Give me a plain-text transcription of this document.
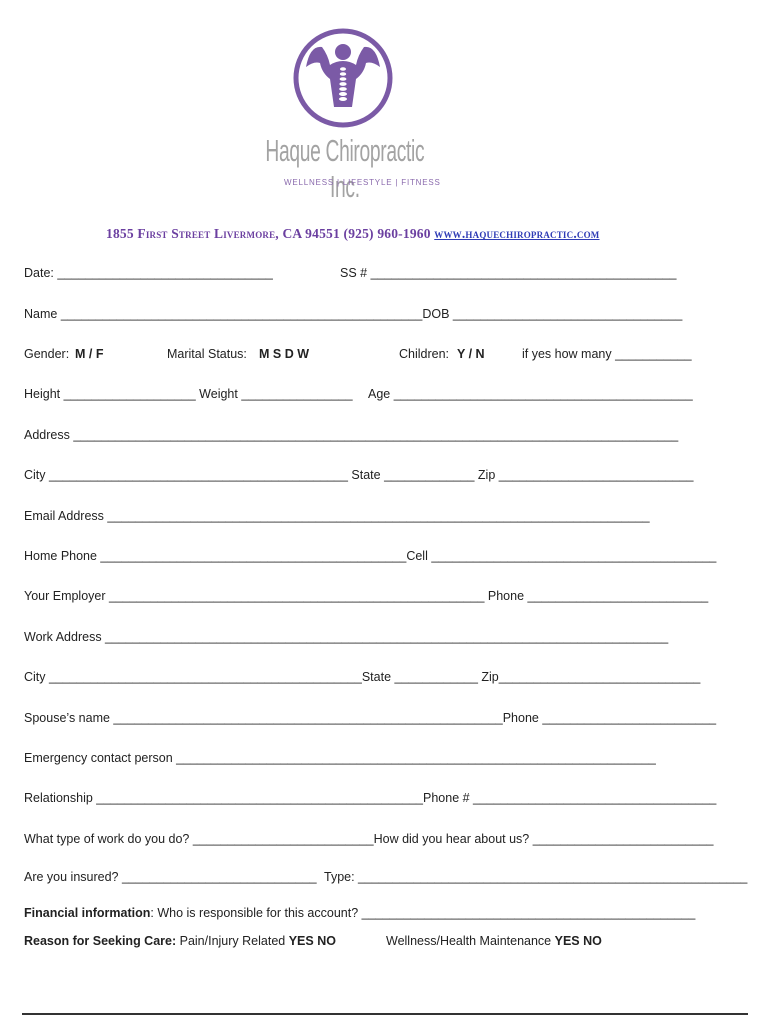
Haque Chiropractic Inc.
WELLNESS | LIFESTYLE | FITNESS
1855 First Street Livermore, CA 94551 (925) 960-1960 www.haquechiropractic.com
Date: _______________________________	SS # ____________________________________________
Name ____________________________________________________DOB _________________________________
Gender: M / F	Marital Status: M S D W	Children: Y / N	if yes how many ___________
Height ___________________ Weight ________________ Age ___________________________________________
Address _______________________________________________________________________________________
City ___________________________________________ State _____________ Zip ____________________________
Email Address ______________________________________________________________________________
Home Phone ____________________________________________Cell _________________________________________
Your Employer ______________________________________________________ Phone __________________________
Work Address _________________________________________________________________________________
City _____________________________________________State ____________ Zip_____________________________
Spouse’s name ________________________________________________________Phone _________________________
Emergency contact person _____________________________________________________________________
Relationship _______________________________________________Phone # ___________________________________
What type of work do you do? __________________________How did you hear about us? __________________________
Are you insured? ____________________________ Type: ________________________________________________________
Financial information: Who is responsible for this account? ________________________________________________
Reason for Seeking Care: Pain/Injury Related YES NO	Wellness/Health Maintenance YES NO
